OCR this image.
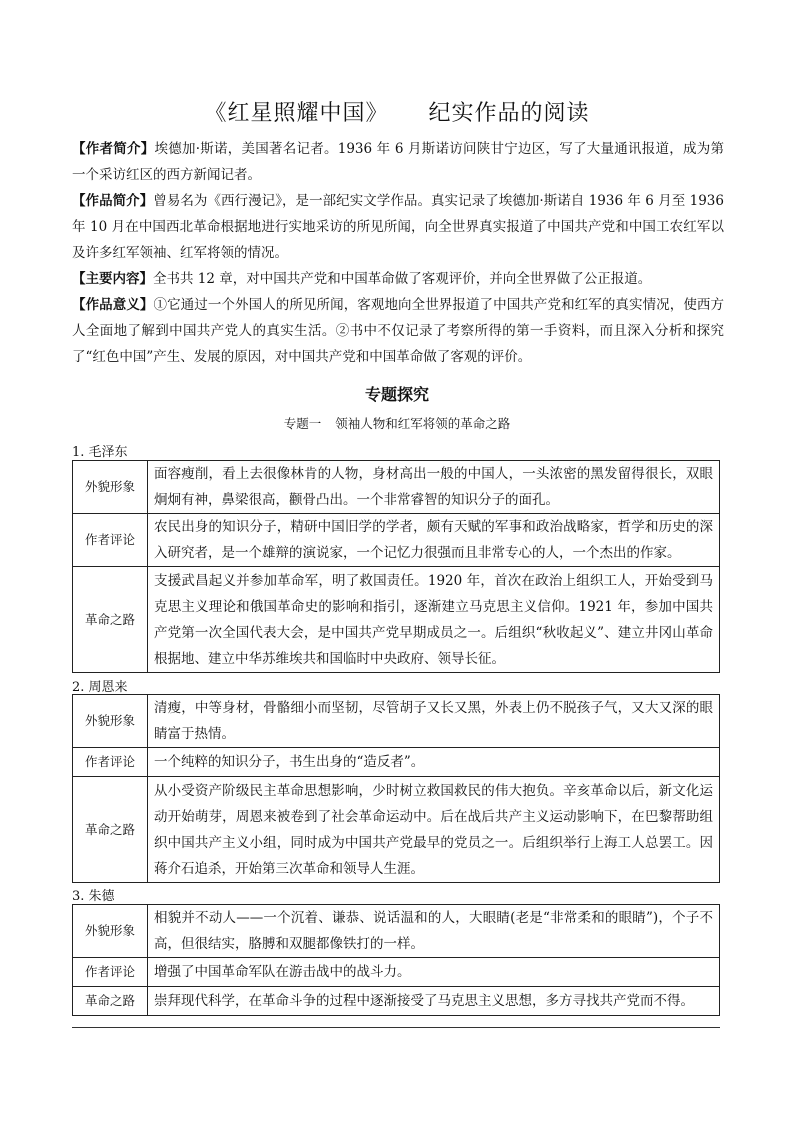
《红星照耀中国》 纪实作品的阅读

【作者简介】埃德加·斯诺，美国著名记者。1936 年 6 月斯诺访问陕甘宁边区，写了大量通讯报道，成为第一个采访红区的西方新闻记者。

【作品简介】曾易名为《西行漫记》，是一部纪实文学作品。真实记录了埃德加·斯诺自 1936 年 6 月至 1936 年 10 月在中国西北革命根据地进行实地采访的所见所闻，向全世界真实报道了中国共产党和中国工农红军以及许多红军领袖、红军将领的情况。

【主要内容】全书共 12 章，对中国共产党和中国革命做了客观评价，并向全世界做了公正报道。

【作品意义】①它通过一个外国人的所见所闻，客观地向全世界报道了中国共产党和红军的真实情况，使西方人全面地了解到中国共产党人的真实生活。②书中不仅记录了考察所得的第一手资料，而且深入分析和探究了“红色中国”产生、发展的原因，对中国共产党和中国革命做了客观的评价。

专题探究
专题一 领袖人物和红军将领的革命之路
1. 毛泽东
外貌形象	面容瘦削，看上去很像林肯的人物，身材高出一般的中国人，一头浓密的黑发留得很长，双眼炯炯有神，鼻梁很高，颧骨凸出。一个非常睿智的知识分子的面孔。
作者评论	农民出身的知识分子，精研中国旧学的学者，颇有天赋的军事和政治战略家，哲学和历史的深入研究者，是一个雄辩的演说家，一个记忆力很强而且非常专心的人，一个杰出的作家。
革命之路	支援武昌起义并参加革命军，明了救国责任。1920 年，首次在政治上组织工人，开始受到马克思主义理论和俄国革命史的影响和指引，逐渐建立马克思主义信仰。1921 年，参加中国共产党第一次全国代表大会，是中国共产党早期成员之一。后组织“秋收起义”、建立井冈山革命根据地、建立中华苏维埃共和国临时中央政府、领导长征。
2. 周恩来
外貌形象	清瘦，中等身材，骨骼细小而坚韧，尽管胡子又长又黑，外表上仍不脱孩子气，又大又深的眼睛富于热情。
作者评论	一个纯粹的知识分子，书生出身的“造反者”。
革命之路	从小受资产阶级民主革命思想影响，少时树立救国救民的伟大抱负。辛亥革命以后，新文化运动开始萌芽，周恩来被卷到了社会革命运动中。后在战后共产主义运动影响下，在巴黎帮助组织中国共产主义小组，同时成为中国共产党最早的党员之一。后组织举行上海工人总罢工。因蒋介石追杀，开始第三次革命和领导人生涯。
3. 朱德
外貌形象	相貌并不动人——一个沉着、谦恭、说话温和的人，大眼睛(老是“非常柔和的眼睛”)，个子不高，但很结实，胳膊和双腿都像铁打的一样。
作者评论	增强了中国革命军队在游击战中的战斗力。
革命之路	崇拜现代科学，在革命斗争的过程中逐渐接受了马克思主义思想，多方寻找共产党而不得。
